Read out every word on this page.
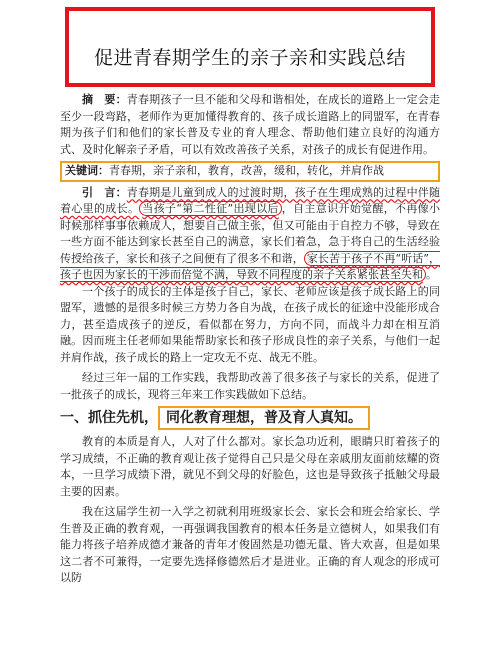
促进青春期学生的亲子亲和实践总结

摘　要：青春期孩子一旦不能和父母和谐相处，在成长的道路上一定会走至少一段弯路，老师作为更加懂得教育的、孩子成长道路上的同盟军，在青春期为孩子们和他们的家长普及专业的育人理念、帮助他们建立良好的沟通方式、及时化解亲子矛盾，可以有效改善孩子关系，对孩子的成长有促进作用。

关键词：青春期，亲子亲和，教育，改善，缓和，转化，并肩作战

引　言：青春期是儿童到成人的过渡时期，孩子在生理成熟的过程中伴随着心里的成长。 当孩子“第二性征”出现以后 ，自主意识开始觉醒，不再像小时候那样事事依赖成人，想要自己做主张，但又可能由于自控力不够，导致在一些方面不能达到家长甚至自己的满意，家长们着急，急于将自己的生活经验传授给孩子，家长和孩子之间便有了很多不和谐， 家长苦于孩子不再“听话”，孩子也因为家长的干涉而倍觉不满，导致不同程度的亲子关系紧张甚至失和 。

一个孩子的成长的主体是孩子自己，家长、老师应该是孩子成长路上的同盟军，遗憾的是很多时候三方势力各自为战，在孩子成长的征途中没能形成合力，甚至造成孩子的逆反，看似都在努力，方向不同，而战斗力却在相互消融。因而班主任老师如果能帮助家长和孩子形成良性的亲子关系，与他们一起并肩作战，孩子成长的路上一定攻无不克、战无不胜。

经过三年一届的工作实践，我帮助改善了很多孩子与家长的关系，促进了一批孩子的成长，现将三年来工作实践做如下总结。

一、抓住先机， 同化教育理想，普及育人真知。

教育的本质是育人，人对了什么都对。家长急功近利，眼睛只盯着孩子的学习成绩，不正确的教育观让孩子觉得自己只是父母在亲戚朋友面前炫耀的资本，一旦学习成绩下滑，就见不到父母的好脸色，这也是导致孩子抵触父母最主要的因素。

我在这届学生初一入学之初就利用班级家长会、家长会和班会给家长、学生普及正确的教育观，一再强调我国教育的根本任务是立德树人，如果我们有能力将孩子培养成德才兼备的青年才俊固然是功德无量、皆大欢喜，但是如果这二者不可兼得，一定要先选择修德然后才是进业。正确的育人观念的形成可以防
